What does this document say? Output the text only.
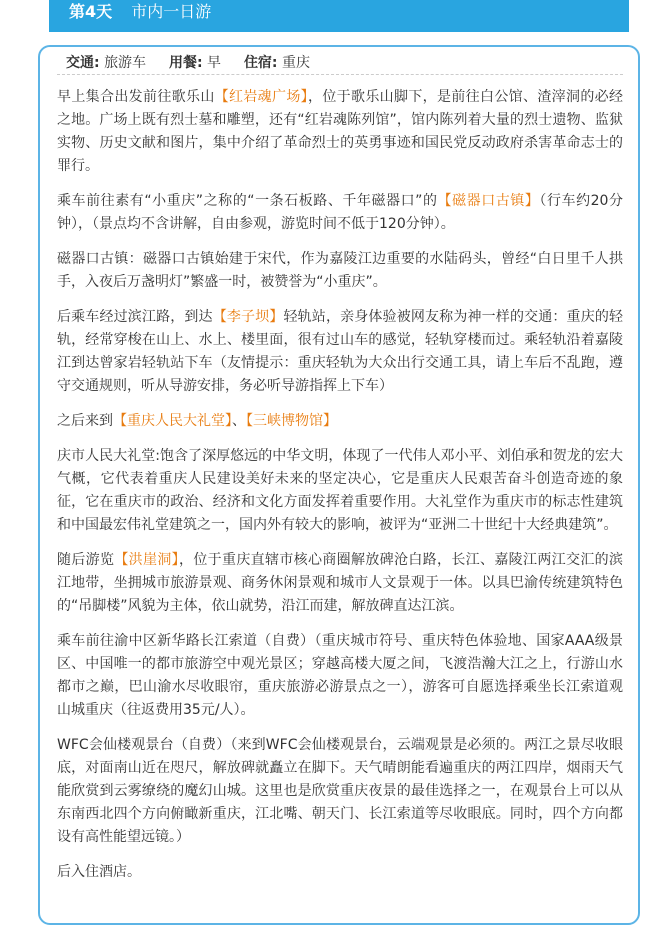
第4天 市内一日游
交通: 旅游车 用餐: 早 住宿: 重庆

早上集合出发前往歌乐山【红岩魂广场】，位于歌乐山脚下，是前往白公馆、渣滓洞的必经之地。广场上既有烈士墓和雕塑，还有“红岩魂陈列馆”，馆内陈列着大量的烈士遗物、监狱实物、历史文献和图片，集中介绍了革命烈士的英勇事迹和国民党反动政府杀害革命志士的罪行。

乘车前往素有“小重庆”之称的“一条石板路、千年磁器口”的【磁器口古镇】（行车约20分钟），（景点均不含讲解，自由参观，游览时间不低于120分钟）。

磁器口古镇：磁器口古镇始建于宋代，作为嘉陵江边重要的水陆码头，曾经“白日里千人拱手，入夜后万盏明灯”繁盛一时，被赞誉为“小重庆”。

后乘车经过滨江路，到达【李子坝】轻轨站，亲身体验被网友称为神一样的交通：重庆的轻轨，经常穿梭在山上、水上、楼里面，很有过山车的感觉，轻轨穿楼而过。乘轻轨沿着嘉陵江到达曾家岩轻轨站下车（友情提示：重庆轻轨为大众出行交通工具，请上车后不乱跑，遵守交通规则，听从导游安排，务必听导游指挥上下车）

之后来到【重庆人民大礼堂】、【三峡博物馆】

庆市人民大礼堂:饱含了深厚悠远的中华文明，体现了一代伟人邓小平、刘伯承和贺龙的宏大气概，它代表着重庆人民建设美好未来的坚定决心，它是重庆人民艰苦奋斗创造奇迹的象征，它在重庆市的政治、经济和文化方面发挥着重要作用。大礼堂作为重庆市的标志性建筑和中国最宏伟礼堂建筑之一，国内外有较大的影响，被评为“亚洲二十世纪十大经典建筑”。

随后游览【洪崖洞】，位于重庆直辖市核心商圈解放碑沧白路，长江、嘉陵江两江交汇的滨江地带，坐拥城市旅游景观、商务休闲景观和城市人文景观于一体。以具巴渝传统建筑特色的“吊脚楼”风貌为主体，依山就势，沿江而建，解放碑直达江滨。

乘车前往渝中区新华路长江索道（自费）（重庆城市符号、重庆特色体验地、国家AAA级景区、中国唯一的都市旅游空中观光景区；穿越高楼大厦之间，飞渡浩瀚大江之上，行游山水都市之巅，巴山渝水尽收眼帘，重庆旅游必游景点之一），游客可自愿选择乘坐长江索道观山城重庆（往返费用35元/人）。

WFC会仙楼观景台（自费）（来到WFC会仙楼观景台，云端观景是必须的。两江之景尽收眼底，对面南山近在咫尺，解放碑就矗立在脚下。天气晴朗能看遍重庆的两江四岸，烟雨天气能欣赏到云雾缭绕的魔幻山城。这里也是欣赏重庆夜景的最佳选择之一，在观景台上可以从东南西北四个方向俯瞰新重庆，江北嘴、朝天门、长江索道等尽收眼底。同时，四个方向都设有高性能望远镜。）

后入住酒店。
